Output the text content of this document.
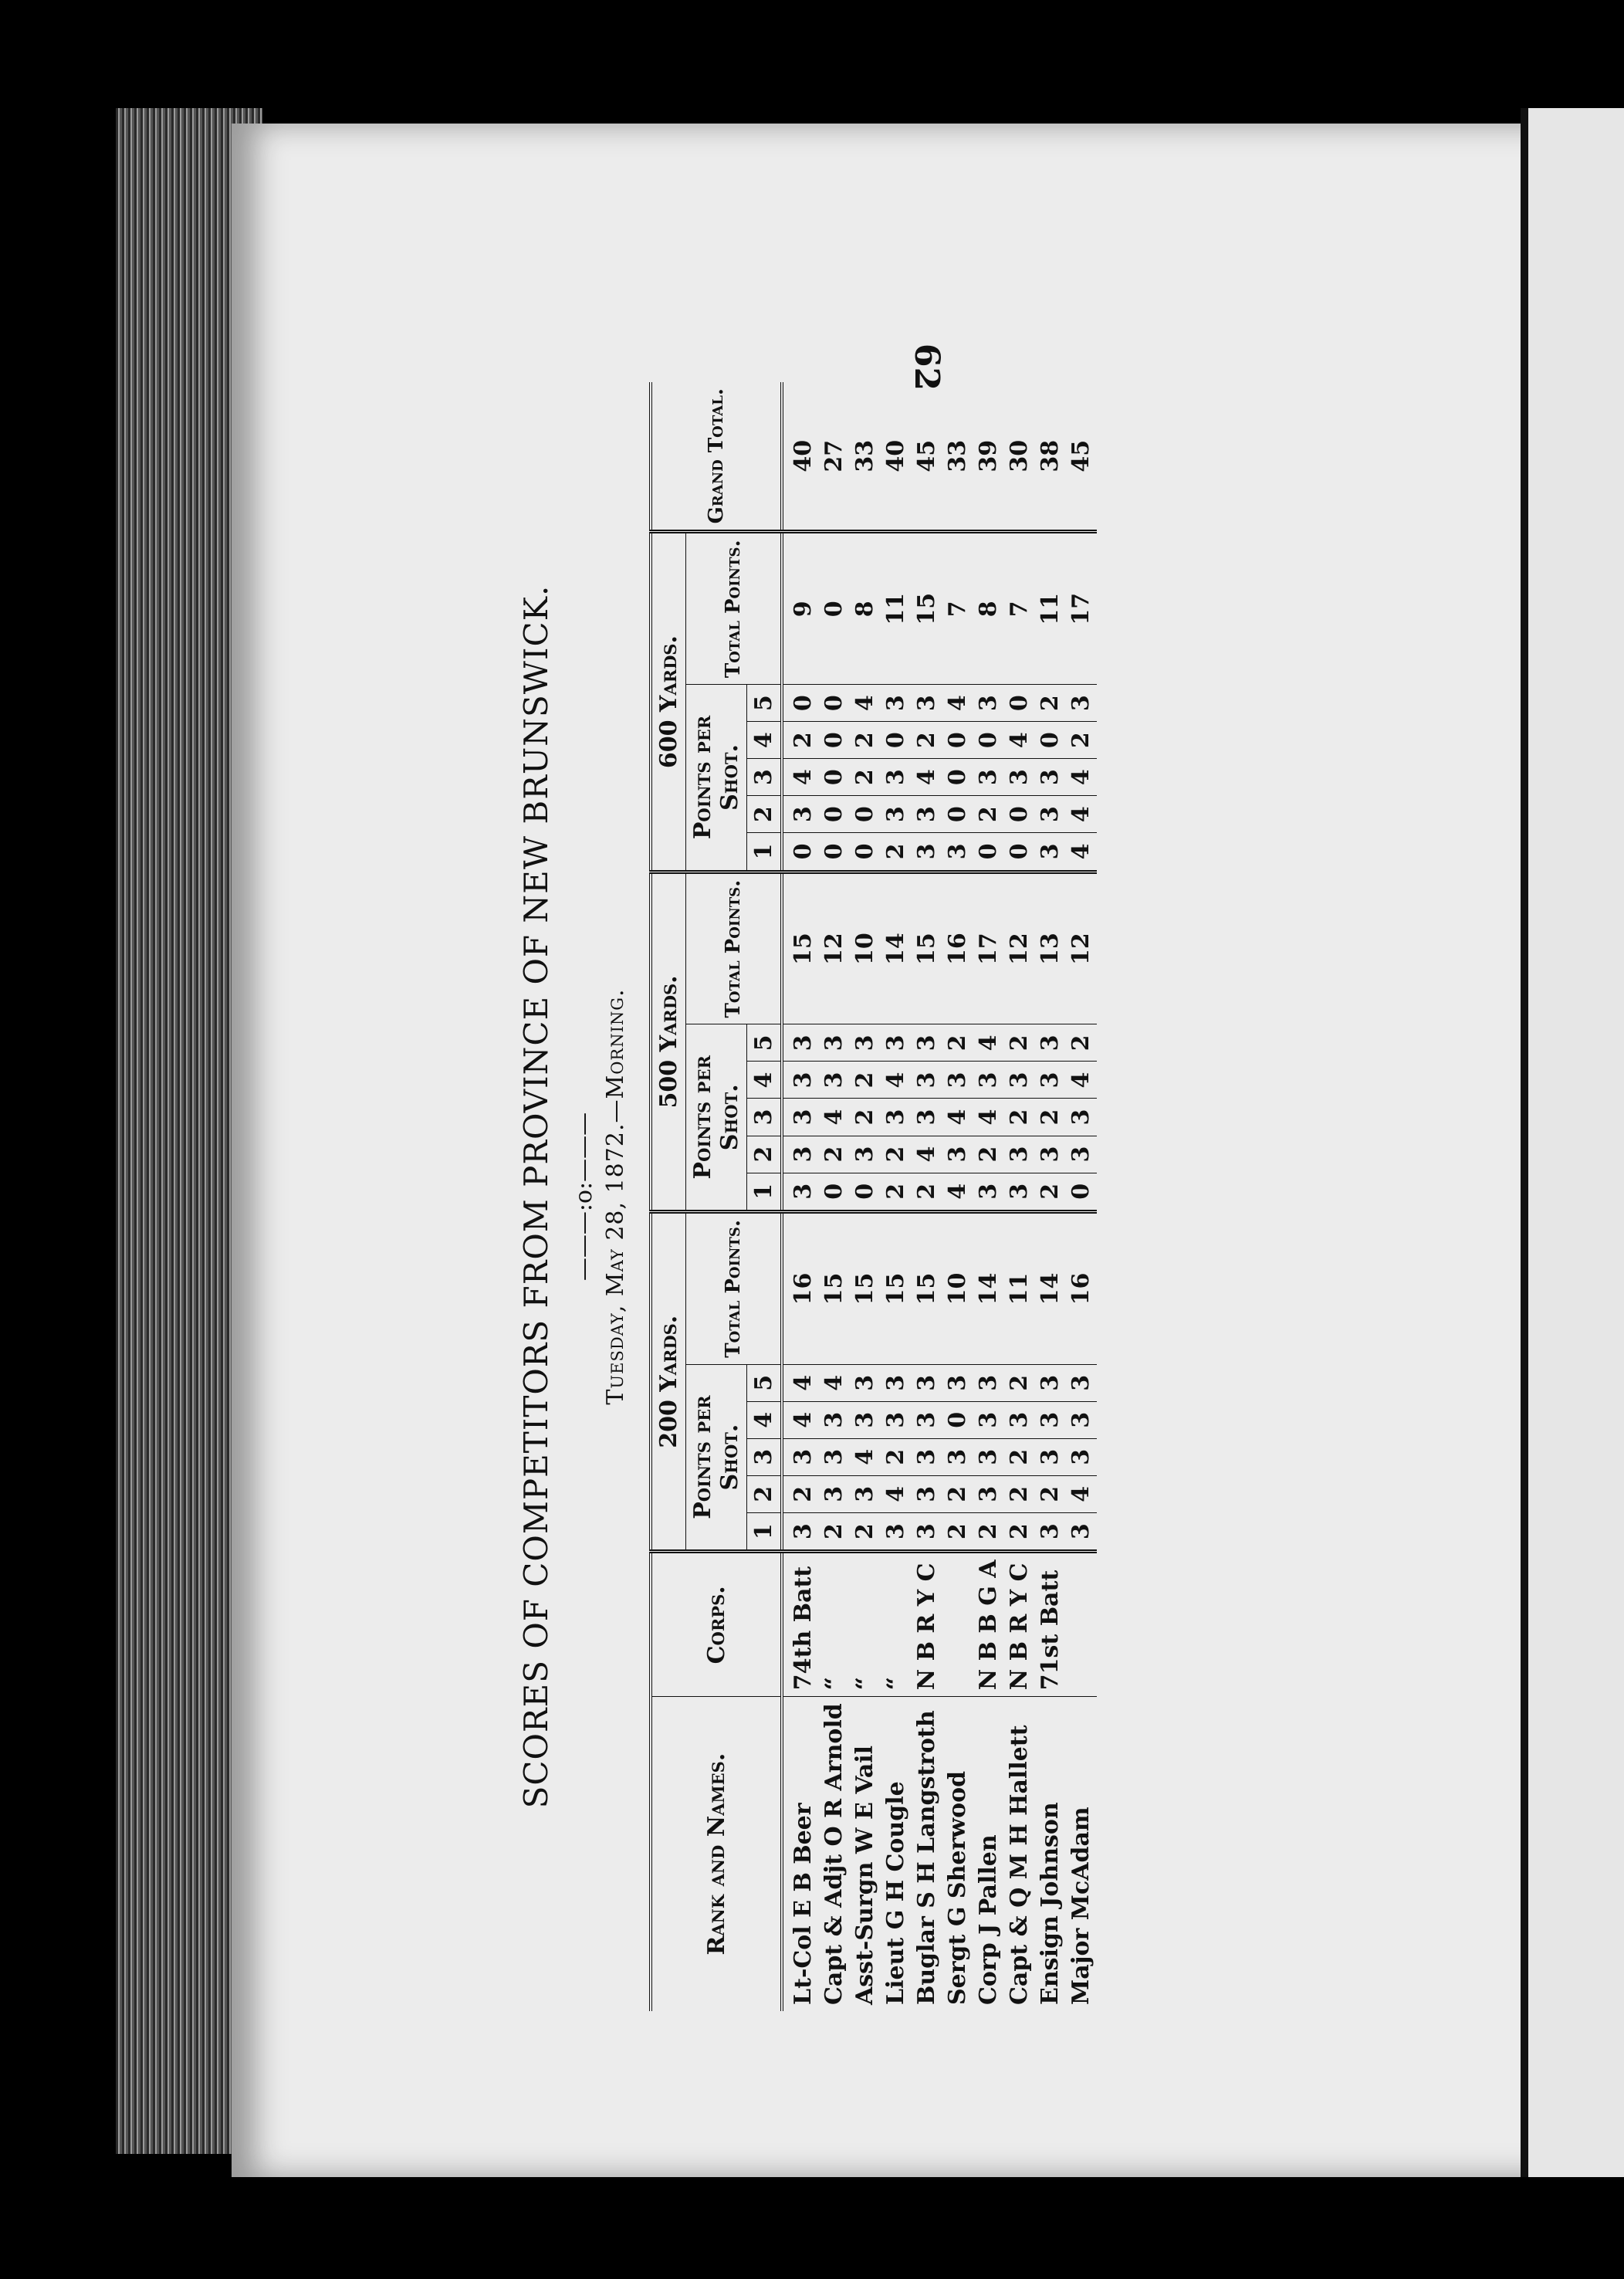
62
SCORES OF COMPETITORS FROM PROVINCE OF NEW BRUNSWICK. ———:o:——— Tuesday, May 28, 1872.—Morning.
Rank and Names.	Corps.	200 Yards.						500 Yards.						600 Yards.						Grand Total.
		Points per Shot.					Total Points.	Points per Shot.					Total Points.	Points per Shot.					Total Points.	
		1	2	3	4	5		1	2	3	4	5		1	2	3	4	5		
Lt-Col E B Beer	74th Batt	3	2	3	4	4	16	3	3	3	3	3	15	0	3	4	2	0	9	40
Capt & Adjt O R Arnold	“	2	3	3	3	4	15	0	2	4	3	3	12	0	0	0	0	0	0	27
Asst-Surgn W E Vail	“	2	3	4	3	3	15	0	3	2	2	3	10	0	0	2	2	4	8	33
Lieut G H Cougle	“	3	4	2	3	3	15	2	2	3	4	3	14	2	3	3	0	3	11	40
Buglar S H Langstroth	N B R Y C	3	3	3	3	3	15	2	4	3	3	3	15	3	3	4	2	3	15	45
Sergt G Sherwood		2	2	3	0	3	10	4	3	4	3	2	16	3	0	0	0	4	7	33
Corp J Pallen	N B B G A	2	3	3	3	3	14	3	2	4	3	4	17	0	2	3	0	3	8	39
Capt & Q M H Hallett	N B R Y C	2	2	2	3	2	11	3	3	2	3	2	12	0	0	3	4	0	7	30
Ensign Johnson	71st Batt	3	2	3	3	3	14	2	3	2	3	3	13	3	3	3	0	2	11	38
Major McAdam		3	4	3	3	3	16	0	3	3	4	2	12	4	4	4	2	3	17	45
